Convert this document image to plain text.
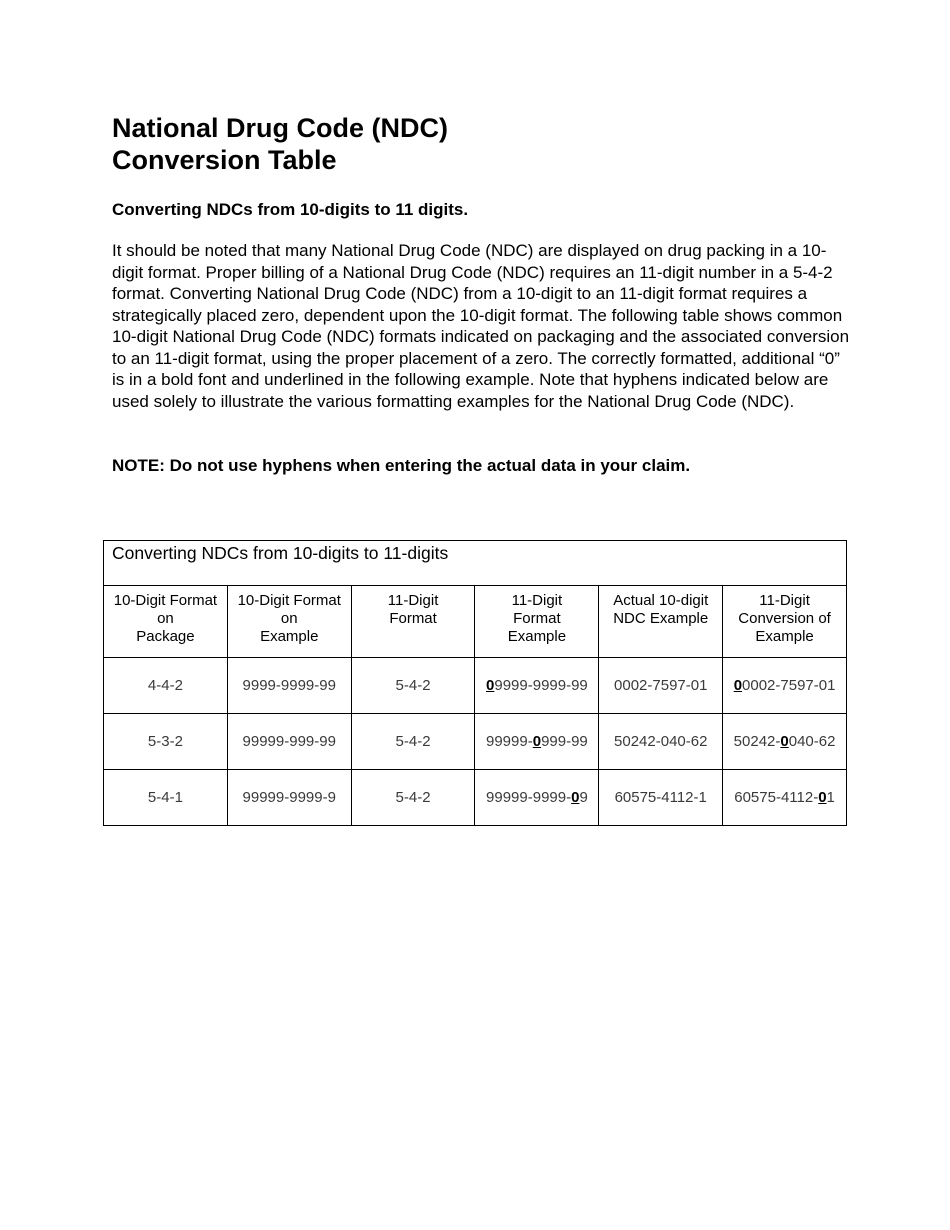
National Drug Code (NDC)
Conversion Table

Converting NDCs from 10-digits to 11 digits.

It should be noted that many National Drug Code (NDC) are displayed on drug packing in a 10-digit format. Proper billing of a National Drug Code (NDC) requires an 11-digit number in a 5-4-2 format. Converting National Drug Code (NDC) from a 10-digit to an 11-digit format requires a strategically placed zero, dependent upon the 10-digit format. The following table shows common 10-digit National Drug Code (NDC) formats indicated on packaging and the associated conversion to an 11-digit format, using the proper placement of a zero. The correctly formatted, additional “0” is in a bold font and underlined in the following example. Note that hyphens indicated below are used solely to illustrate the various formatting examples for the National Drug Code (NDC).

NOTE: Do not use hyphens when entering the actual data in your claim.

Converting NDCs from 10-digits to 11-digits					
10-Digit Format
on
Package	10-Digit Format
on
Example	11-Digit
Format	11-Digit
Format
Example	Actual 10-digit
NDC Example	11-Digit
Conversion of
Example
4-4-2	9999-9999-99	5-4-2	09999-9999-99	0002-7597-01	00002-7597-01
5-3-2	99999-999-99	5-4-2	99999-0999-99	50242-040-62	50242-0040-62
5-4-1	99999-9999-9	5-4-2	99999-9999-09	60575-4112-1	60575-4112-01
